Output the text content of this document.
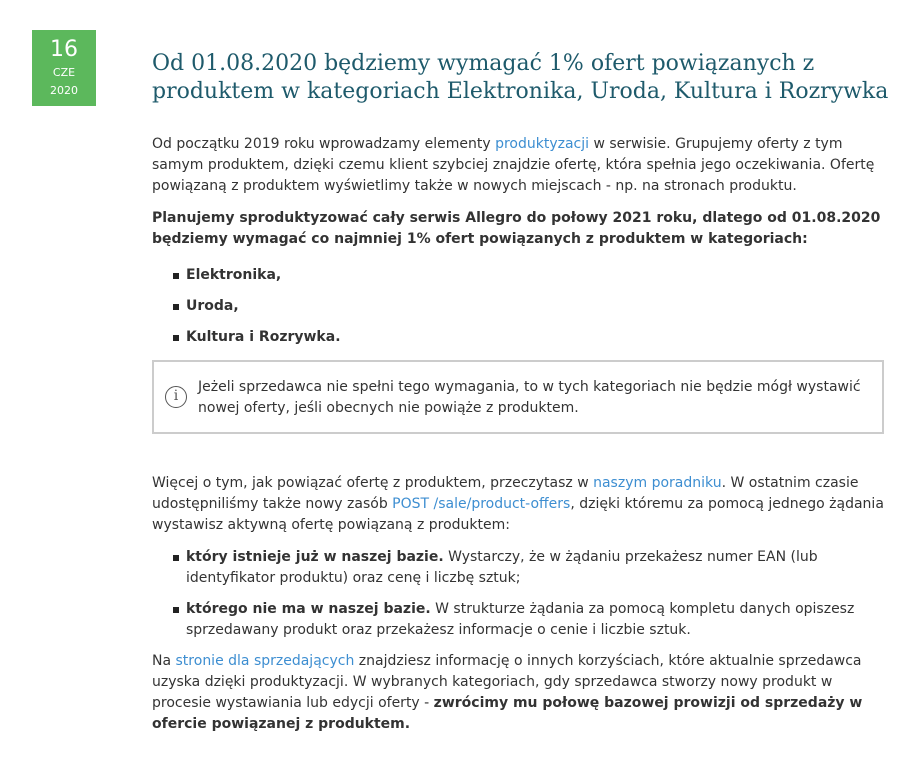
16
CZE
2020
Od 01.08.2020 będziemy wymagać 1% ofert powiązanych z produktem w kategoriach Elektronika, Uroda, Kultura i Rozrywka

Od początku 2019 roku wprowadzamy elementy produktyzacji w serwisie. Grupujemy oferty z tym samym produktem, dzięki czemu klient szybciej znajdzie ofertę, która spełnia jego oczekiwania. Ofertę powiązaną z produktem wyświetlimy także w nowych miejscach - np. na stronach produktu.

Planujemy sproduktyzować cały serwis Allegro do połowy 2021 roku, dlatego od 01.08.2020 będziemy wymagać co najmniej 1% ofert powiązanych z produktem w kategoriach:

Elektronika,
Uroda,
Kultura i Rozrywka.
i
Jeżeli sprzedawca nie spełni tego wymagania, to w tych kategoriach nie będzie mógł wystawić nowej oferty, jeśli obecnych nie powiąże z produktem.

Więcej o tym, jak powiązać ofertę z produktem, przeczytasz w naszym poradniku. W ostatnim czasie udostępniliśmy także nowy zasób POST /sale/product-offers, dzięki któremu za pomocą jednego żądania wystawisz aktywną ofertę powiązaną z produktem:

który istnieje już w naszej bazie. Wystarczy, że w żądaniu przekażesz numer EAN (lub identyfikator produktu) oraz cenę i liczbę sztuk;
którego nie ma w naszej bazie. W strukturze żądania za pomocą kompletu danych opiszesz sprzedawany produkt oraz przekażesz informacje o cenie i liczbie sztuk.

Na stronie dla sprzedających znajdziesz informację o innych korzyściach, które aktualnie sprzedawca uzyska dzięki produktyzacji. W wybranych kategoriach, gdy sprzedawca stworzy nowy produkt w procesie wystawiania lub edycji oferty - zwrócimy mu połowę bazowej prowizji od sprzedaży w ofercie powiązanej z produktem.
